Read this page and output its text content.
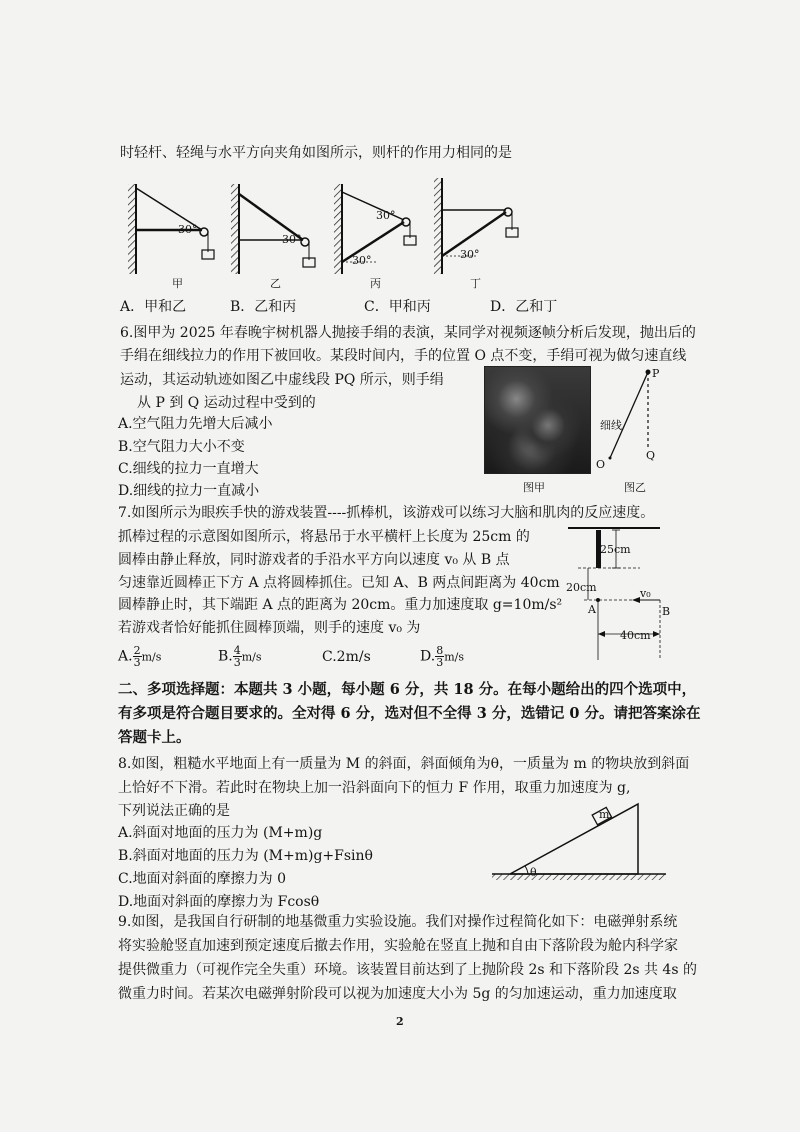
时轻杆、轻绳与水平方向夹角如图所示，则杆的作用力相同的是
30°
30°
30°
30°	30°
甲	乙	丙	丁
A．甲和乙	B．乙和丙	C．甲和丙	D．乙和丁
6.图甲为 2025 年春晚宇树机器人抛接手绢的表演，某同学对视频逐帧分析后发现，抛出后的
手绢在细线拉力的作用下被回收。某段时间内，手的位置 O 点不变，手绢可视为做匀速直线
运动，其运动轨迹如图乙中虚线段 PQ 所示，则手绢
从 P 到 Q 运动过程中受到的
A.空气阻力先增大后减小
B.空气阻力大小不变
C.细线的拉力一直增大
D.细线的拉力一直减小	图甲
P
细线
Q
O
图乙
7.如图所示为眼疾手快的游戏装置----抓棒机，该游戏可以练习大脑和肌肉的反应速度。
抓棒过程的示意图如图所示，将悬吊于水平横杆上长度为 25cm 的
圆棒由静止释放，同时游戏者的手沿水平方向以速度 v₀ 从 B 点
匀速靠近圆棒正下方 A 点将圆棒抓住。已知 A、B 两点间距离为 40cm
圆棒静止时，其下端距 A 点的距离为 20cm。重力加速度取 g=10m/s²
若游戏者恰好能抓住圆棒顶端，则手的速度 v₀ 为
25cm
20cm	v₀
A	B
40cm
A. $\frac{2}{3} m/s$	B. $\frac{4}{3} m/s$	C.2m/s	D. $\frac{8}{3} m/s$
二、多项选择题：本题共 3 小题，每小题 6 分，共 18 分。在每小题给出的四个选项中，
有多项是符合题目要求的。全对得 6 分，选对但不全得 3 分，选错记 0 分。请把答案涂在
答题卡上。
8.如图，粗糙水平地面上有一质量为 M 的斜面，斜面倾角为θ，一质量为 m 的物块放到斜面
上恰好不下滑。若此时在物块上加一沿斜面向下的恒力 F 作用，取重力加速度为 g,
下列说法正确的是
A.斜面对地面的压力为 (M+m)g
B.斜面对地面的压力为 (M+m)g+Fsinθ
C.地面对斜面的摩擦力为 0
D.地面对斜面的摩擦力为 Fcosθ
m
θ
9.如图，是我国自行研制的地基微重力实验设施。我们对操作过程简化如下：电磁弹射系统
将实验舱竖直加速到预定速度后撤去作用，实验舱在竖直上抛和自由下落阶段为舱内科学家
提供微重力（可视作完全失重）环境。该装置目前达到了上抛阶段 2s 和下落阶段 2s 共 4s 的
微重力时间。若某次电磁弹射阶段可以视为加速度大小为 5g 的匀加速运动，重力加速度取
2
